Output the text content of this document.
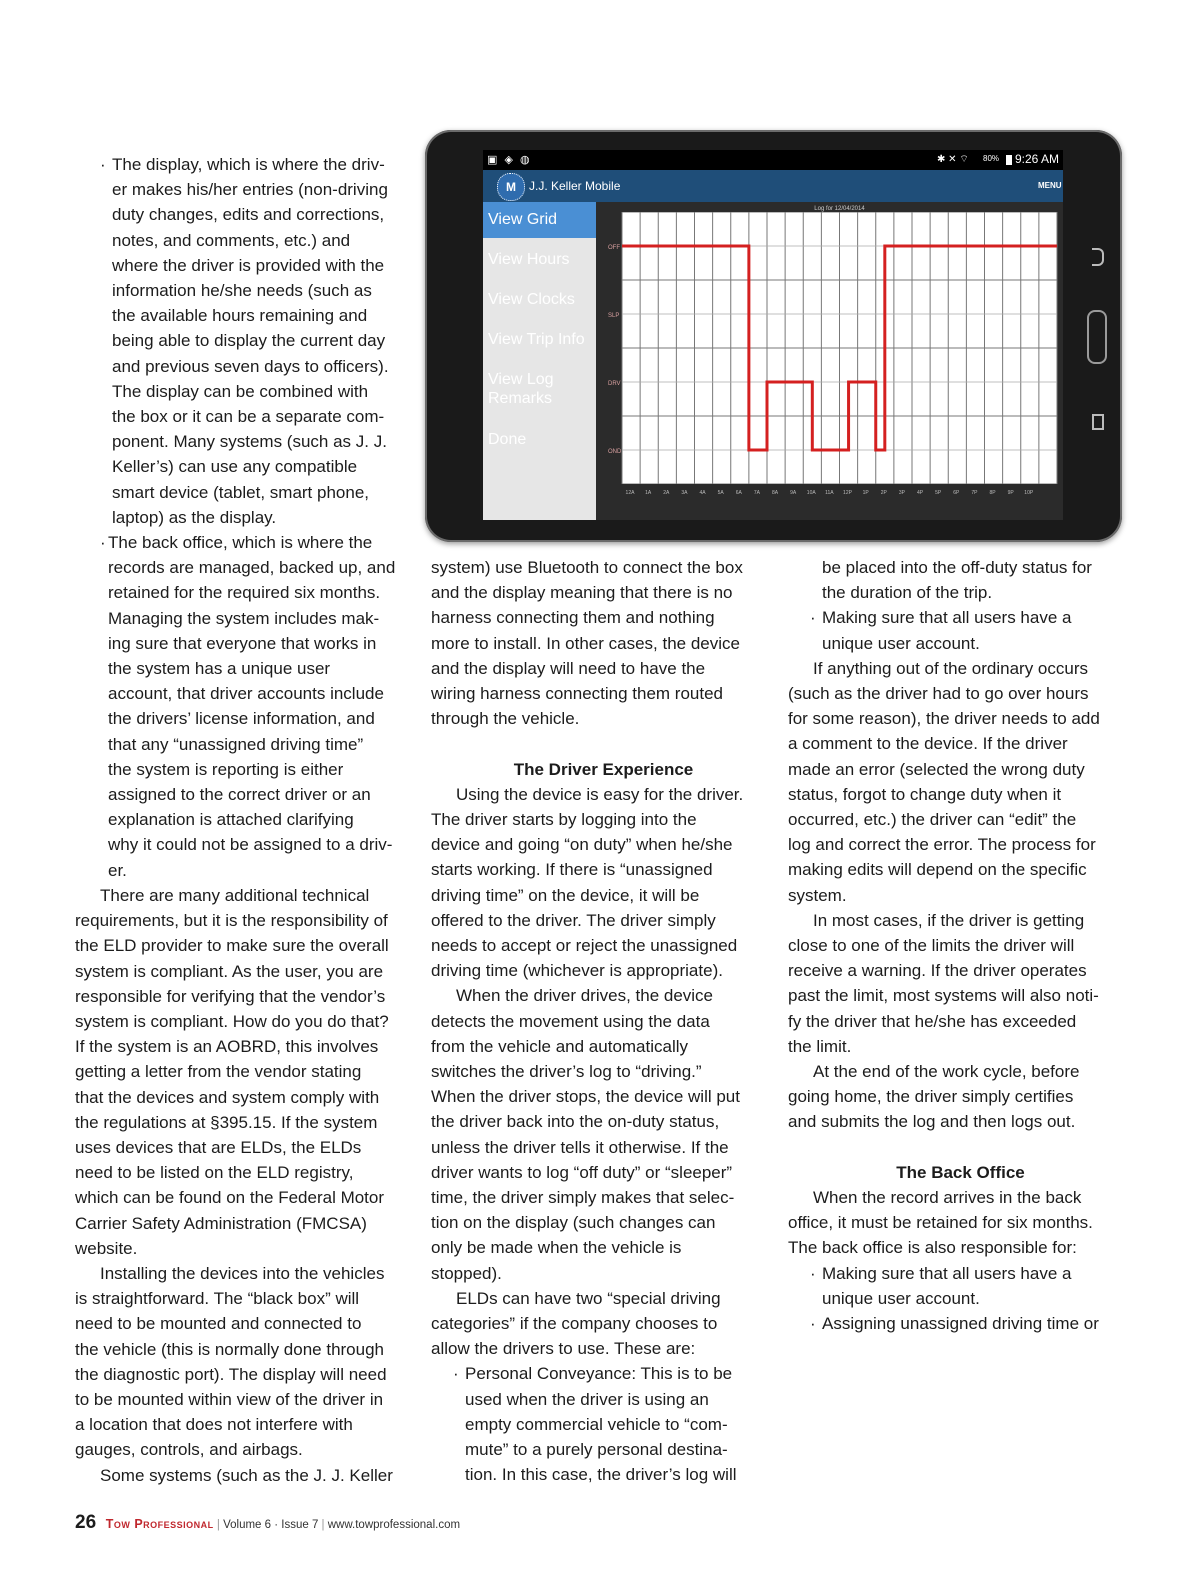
· The display, which is where the driv-
er makes his/her entries (non-driving
duty changes, edits and corrections,
notes, and comments, etc.) and
where the driver is provided with the
information he/she needs (such as
the available hours remaining and
being able to display the current day
and previous seven days to officers).
The display can be combined with
the box or it can be a separate com-
ponent. Many systems (such as J. J.
Keller’s) can use any compatible
smart device (tablet, smart phone,
laptop) as the display.
· The back office, which is where the
records are managed, backed up, and
retained for the required six months.
Managing the system includes mak-
ing sure that everyone that works in
the system has a unique user
account, that driver accounts include
the drivers’ license information, and
that any “unassigned driving time”
the system is reporting is either
assigned to the correct driver or an
explanation is attached clarifying
why it could not be assigned to a driv-
er.
There are many additional technical
requirements, but it is the responsibility of
the ELD provider to make sure the overall
system is compliant. As the user, you are
responsible for verifying that the vendor’s
system is compliant. How do you do that?
If the system is an AOBRD, this involves
getting a letter from the vendor stating
that the devices and system comply with
the regulations at §395.15. If the system
uses devices that are ELDs, the ELDs
need to be listed on the ELD registry,
which can be found on the Federal Motor
Carrier Safety Administration (FMCSA)
website.
Installing the devices into the vehicles
is straightforward. The “black box” will
need to be mounted and connected to
the vehicle (this is normally done through
the diagnostic port). The display will need
to be mounted within view of the driver in
a location that does not interfere with
gauges, controls, and airbags.
Some systems (such as the J. J. Keller
system) use Bluetooth to connect the box
and the display meaning that there is no
harness connecting them and nothing
more to install. In other cases, the device
and the display will need to have the
wiring harness connecting them routed
through the vehicle.

The Driver Experience

Using the device is easy for the driver.
The driver starts by logging into the
device and going “on duty” when he/she
starts working. If there is “unassigned
driving time” on the device, it will be
offered to the driver. The driver simply
needs to accept or reject the unassigned
driving time (whichever is appropriate).
When the driver drives, the device
detects the movement using the data
from the vehicle and automatically
switches the driver’s log to “driving.”
When the driver stops, the device will put
the driver back into the on-duty status,
unless the driver tells it otherwise. If the
driver wants to log “off duty” or “sleeper”
time, the driver simply makes that selec-
tion on the display (such changes can
only be made when the vehicle is
stopped).
ELDs can have two “special driving
categories” if the company chooses to
allow the drivers to use. These are:
· Personal Conveyance: This is to be
used when the driver is using an
empty commercial vehicle to “com-
mute” to a purely personal destina-
tion. In this case, the driver’s log will
be placed into the off-duty status for
the duration of the trip.
· Making sure that all users have a
unique user account.
If anything out of the ordinary occurs
(such as the driver had to go over hours
for some reason), the driver needs to add
a comment to the device. If the driver
made an error (selected the wrong duty
status, forgot to change duty when it
occurred, etc.) the driver can “edit” the
log and correct the error. The process for
making edits will depend on the specific
system.
In most cases, if the driver is getting
close to one of the limits the driver will
receive a warning. If the driver operates
past the limit, most systems will also noti-
fy the driver that he/she has exceeded
the limit.
At the end of the work cycle, before
going home, the driver simply certifies
and submits the log and then logs out.

The Back Office

When the record arrives in the back
office, it must be retained for six months.
The back office is also responsible for:
· Making sure that all users have a
unique user account.
· Assigning unassigned driving time or
▣ ◈ ◍	✱ ✕ ⌔ 80% 9:26 AM
M	J.J. Keller Mobile	MENU
View Grid
View Hours
View Clocks
View Trip Info
View Log
Remarks
Done
OFF
SLP
DRV
OND
Log for 12/04/2014
12A 1A 2A 3A 4A 5A 6A 7A 8A 9A 10A 11A 12P 1P 2P 3P 4P 5P 6P 7P 8P 9P 10P
26 Tow Professional | Volume 6 · Issue 7 | www.towprofessional.com
